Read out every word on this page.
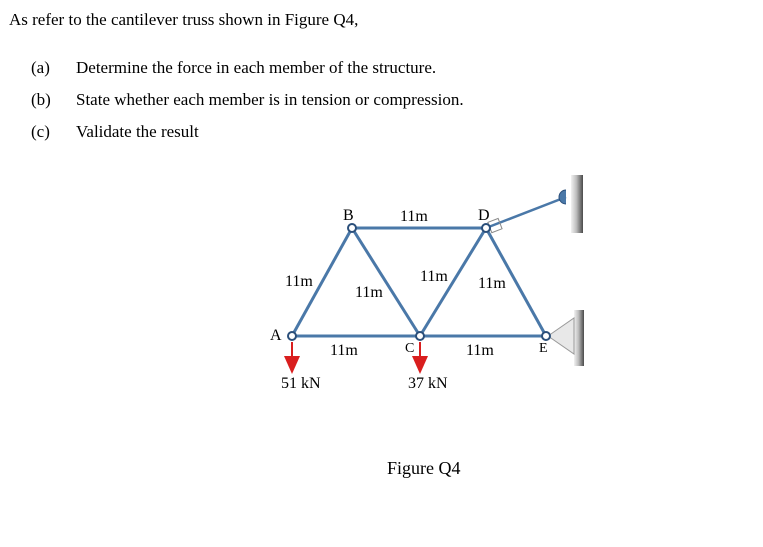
As refer to the cantilever truss shown in Figure Q4,
(a) Determine the force in each member of the structure.
(b) State whether each member is in tension or compression.
(c) Validate the result
B	D
A
C	E
11m
11m
11m
11m 11m
11m	11m
51 kN	37 kN
Figure Q4
